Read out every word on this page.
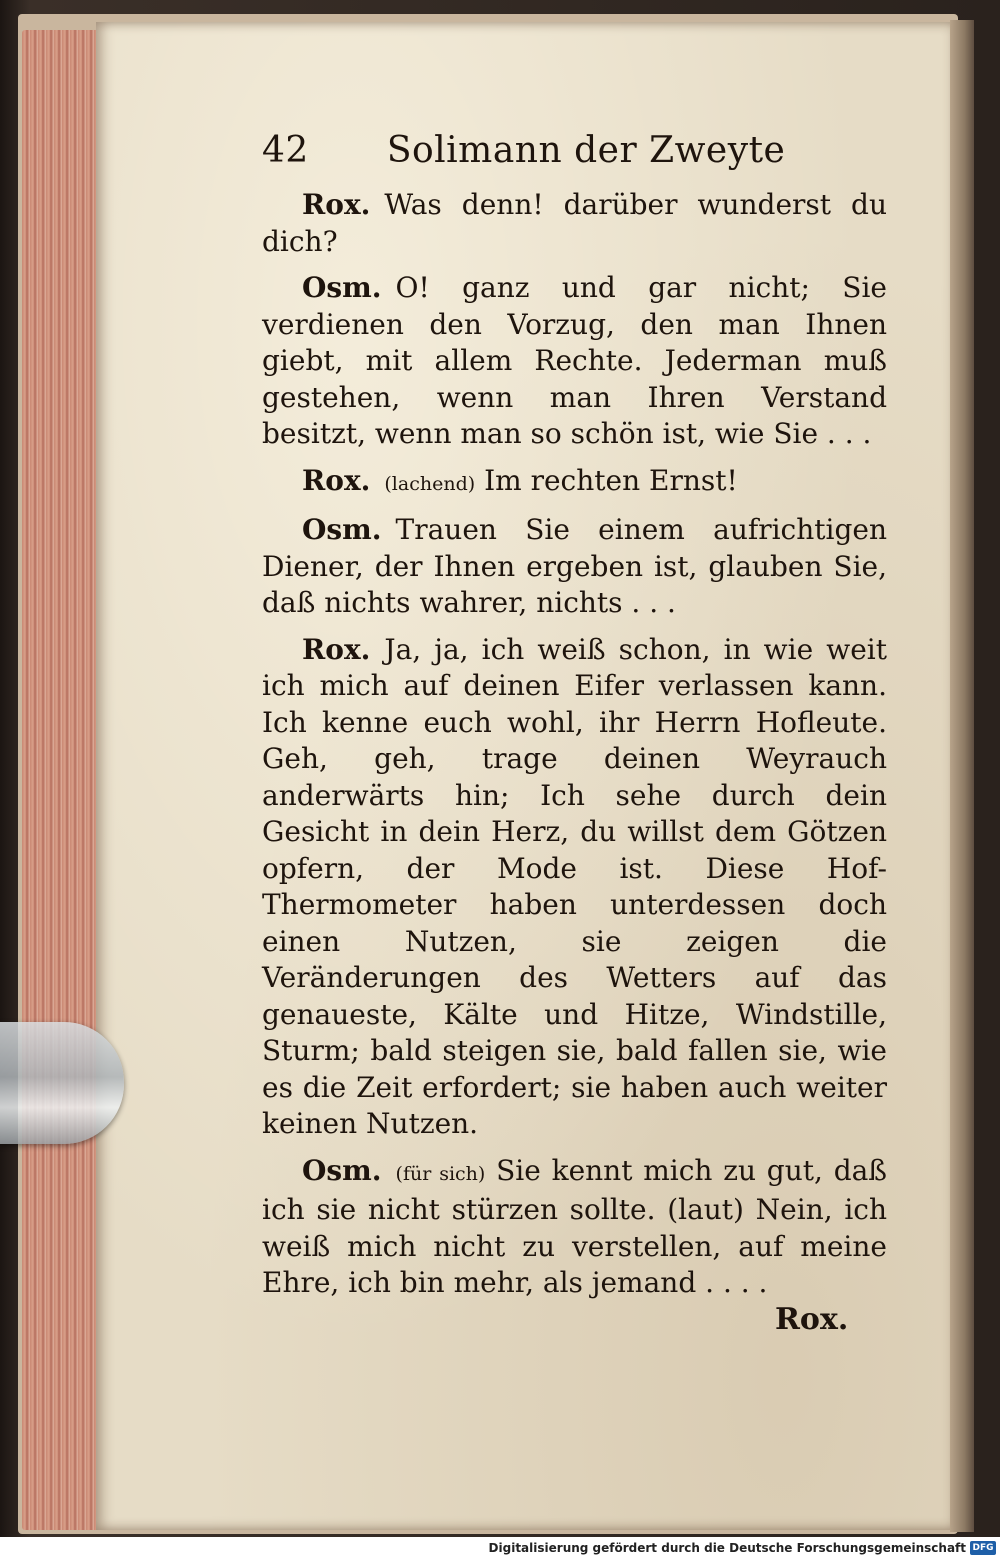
42 Solimann der Zweyte

Rox. Was denn! darüber wunderst du dich?

Osm. O! ganz und gar nicht; Sie verdienen den Vorzug, den man Ihnen giebt, mit allem Rechte. Jederman muß gestehen, wenn man Ihren Verstand besitzt, wenn man so schön ist, wie Sie . . .

Rox. (lachend) Im rechten Ernst!

Osm. Trauen Sie einem aufrichtigen Diener, der Ihnen ergeben ist, glauben Sie, daß nichts wahrer, nichts . . .

Rox. Ja, ja, ich weiß schon, in wie weit ich mich auf deinen Eifer verlassen kann. Ich kenne euch wohl, ihr Herrn Hofleute. Geh, geh, trage deinen Weyrauch anderwärts hin; Ich sehe durch dein Gesicht in dein Herz, du willst dem Götzen opfern, der Mode ist. Diese Hof-Thermometer haben unterdessen doch einen Nutzen, sie zeigen die Veränderungen des Wetters auf das genaueste, Kälte und Hitze, Windstille, Sturm; bald steigen sie, bald fallen sie, wie es die Zeit erfordert; sie haben auch weiter keinen Nutzen.

Osm. (für sich) Sie kennt mich zu gut, daß ich sie nicht stürzen sollte. (laut) Nein, ich weiß mich nicht zu verstellen, auf meine Ehre, ich bin mehr, als jemand . . . .

Rox.
Digitalisierung gefördert durch die Deutsche Forschungsgemeinschaft DFG
